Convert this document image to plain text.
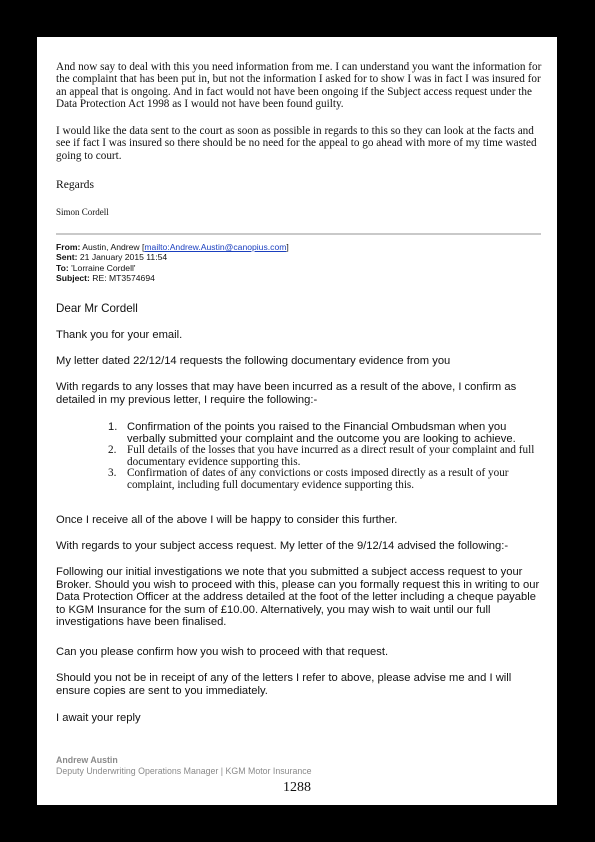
And now say to deal with this you need information from me. I can understand you want the information for the complaint that has been put in, but not the information I asked for to show I was in fact I was insured for an appeal that is ongoing. And in fact would not have been ongoing if the Subject access request under the Data Protection Act 1998 as I would not have been found guilty.
I would like the data sent to the court as soon as possible in regards to this so they can look at the facts and see if fact I was insured so there should be no need for the appeal to go ahead with more of my time wasted going to court.
Regards
Simon Cordell
From: Austin, Andrew [mailto:Andrew.Austin@canopius.com]
Sent: 21 January 2015 11:54
To: 'Lorraine Cordell'
Subject: RE: MT3574694
Dear Mr Cordell
Thank you for your email.
My letter dated 22/12/14 requests the following documentary evidence from you
With regards to any losses that may have been incurred as a result of the above, I confirm as detailed in my previous letter, I require the following:-
1. Confirmation of the points you raised to the Financial Ombudsman when you verbally submitted your complaint and the outcome you are looking to achieve.
2. Full details of the losses that you have incurred as a direct result of your complaint and full documentary evidence supporting this.
3. Confirmation of dates of any convictions or costs imposed directly as a result of your complaint, including full documentary evidence supporting this.
Once I receive all of the above I will be happy to consider this further.
With regards to your subject access request. My letter of the 9/12/14 advised the following:-
Following our initial investigations we note that you submitted a subject access request to your Broker. Should you wish to proceed with this, please can you formally request this in writing to our Data Protection Officer at the address detailed at the foot of the letter including a cheque payable to KGM Insurance for the sum of £10.00. Alternatively, you may wish to wait until our full investigations have been finalised.
Can you please confirm how you wish to proceed with that request.
Should you not be in receipt of any of the letters I refer to above, please advise me and I will ensure copies are sent to you immediately.
I await your reply
Andrew Austin
Deputy Underwriting Operations Manager | KGM Motor Insurance
1288
